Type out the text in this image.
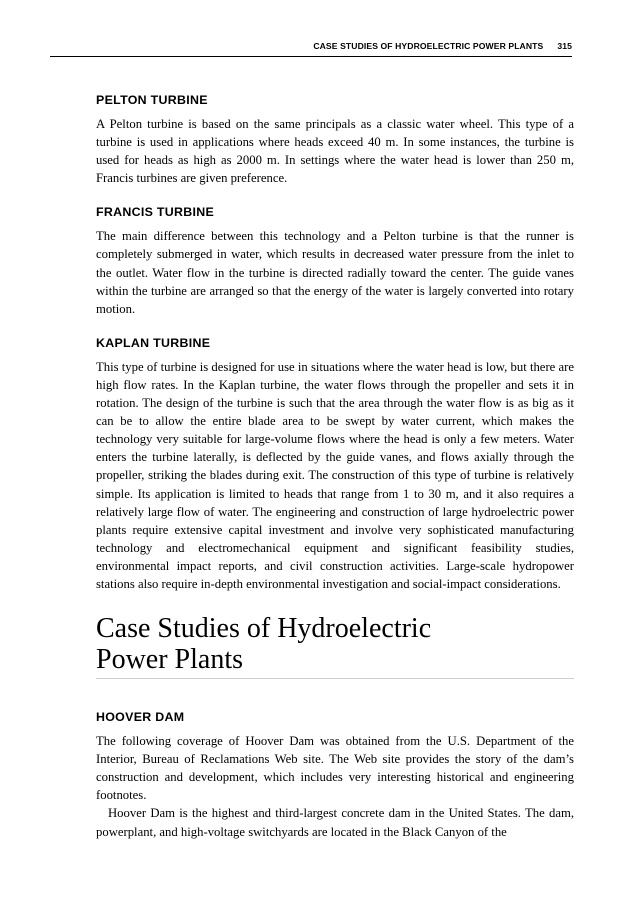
CASE STUDIES OF HYDROELECTRIC POWER PLANTS 315
PELTON TURBINE

A Pelton turbine is based on the same principals as a classic water wheel. This type of a turbine is used in applications where heads exceed 40 m. In some instances, the turbine is used for heads as high as 2000 m. In settings where the water head is lower than 250 m, Francis turbines are given preference.

FRANCIS TURBINE

The main difference between this technology and a Pelton turbine is that the runner is completely submerged in water, which results in decreased water pressure from the inlet to the outlet. Water flow in the turbine is directed radially toward the center. The guide vanes within the turbine are arranged so that the energy of the water is largely converted into rotary motion.

KAPLAN TURBINE

This type of turbine is designed for use in situations where the water head is low, but there are high flow rates. In the Kaplan turbine, the water flows through the propeller and sets it in rotation. The design of the turbine is such that the area through the water flow is as big as it can be to allow the entire blade area to be swept by water current, which makes the technology very suitable for large-volume flows where the head is only a few meters. Water enters the turbine laterally, is deflected by the guide vanes, and flows axially through the propeller, striking the blades during exit. The construction of this type of turbine is relatively simple. Its application is limited to heads that range from 1 to 30 m, and it also requires a relatively large flow of water. The engineering and construction of large hydroelectric power plants require extensive capital investment and involve very sophisticated manufacturing technology and electromechanical equipment and significant feasibility studies, environmental impact reports, and civil construction activities. Large-scale hydropower stations also require in-depth environmental investigation and social-impact considerations.

Case Studies of Hydroelectric
Power Plants
HOOVER DAM

The following coverage of Hoover Dam was obtained from the U.S. Department of the Interior, Bureau of Reclamations Web site. The Web site provides the story of the dam’s construction and development, which includes very interesting historical and engineering footnotes.

Hoover Dam is the highest and third-largest concrete dam in the United States. The dam, powerplant, and high-voltage switchyards are located in the Black Canyon of the
